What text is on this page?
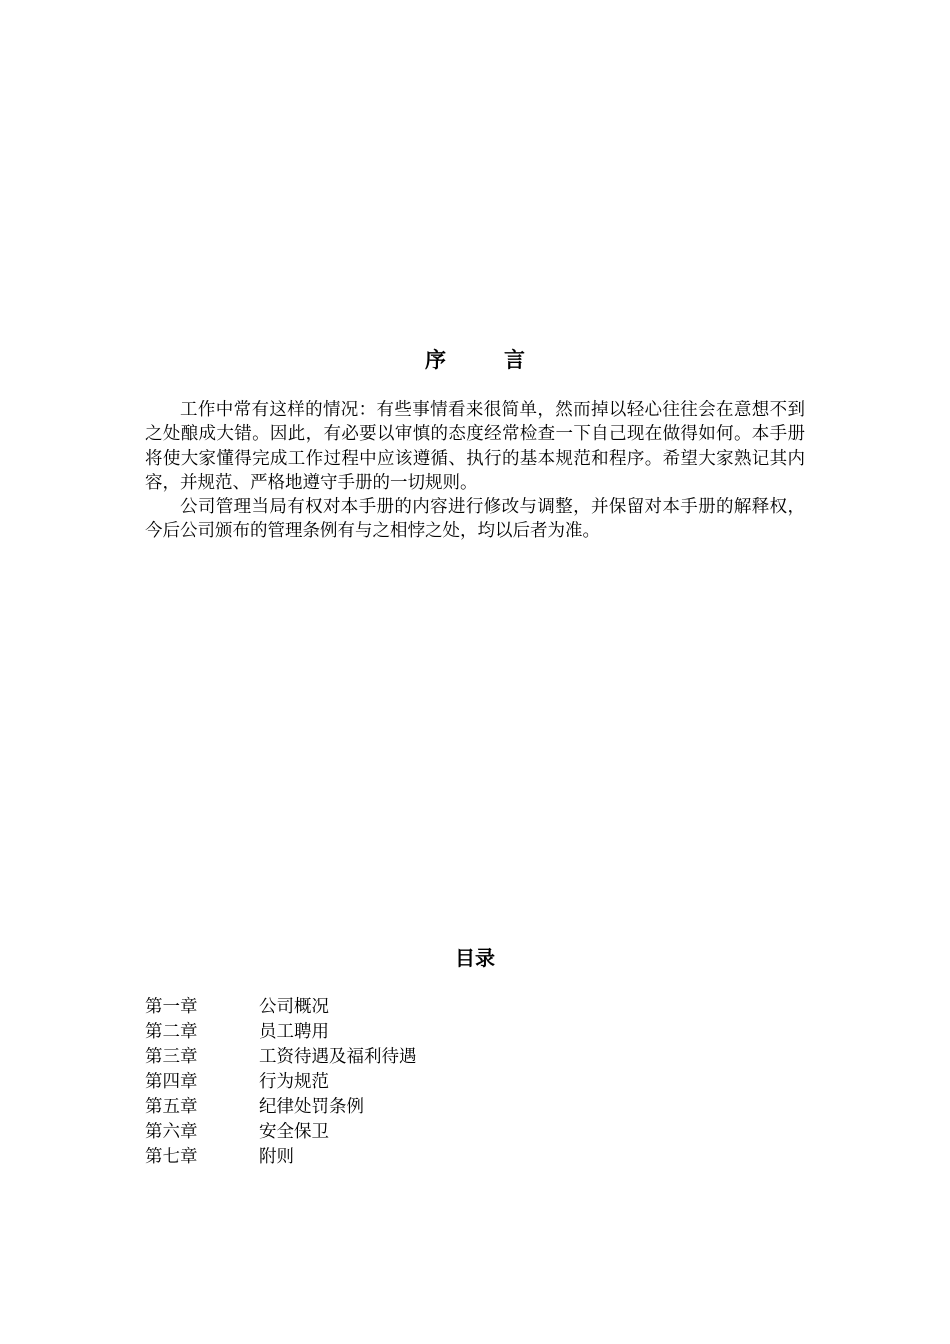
序	言

工作中常有这样的情况：有些事情看来很简单，然而掉以轻心往往会在意想不到之处酿成大错。因此，有必要以审慎的态度经常检查一下自己现在做得如何。本手册将使大家懂得完成工作过程中应该遵循、执行的基本规范和程序。希望大家熟记其内容，并规范、严格地遵守手册的一切规则。

公司管理当局有权对本手册的内容进行修改与调整，并保留对本手册的解释权，今后公司颁布的管理条例有与之相悖之处，均以后者为准。

目录
第一章	公司概况
第二章	员工聘用
第三章	工资待遇及福利待遇
第四章	行为规范
第五章	纪律处罚条例
第六章	安全保卫
第七章	附则
